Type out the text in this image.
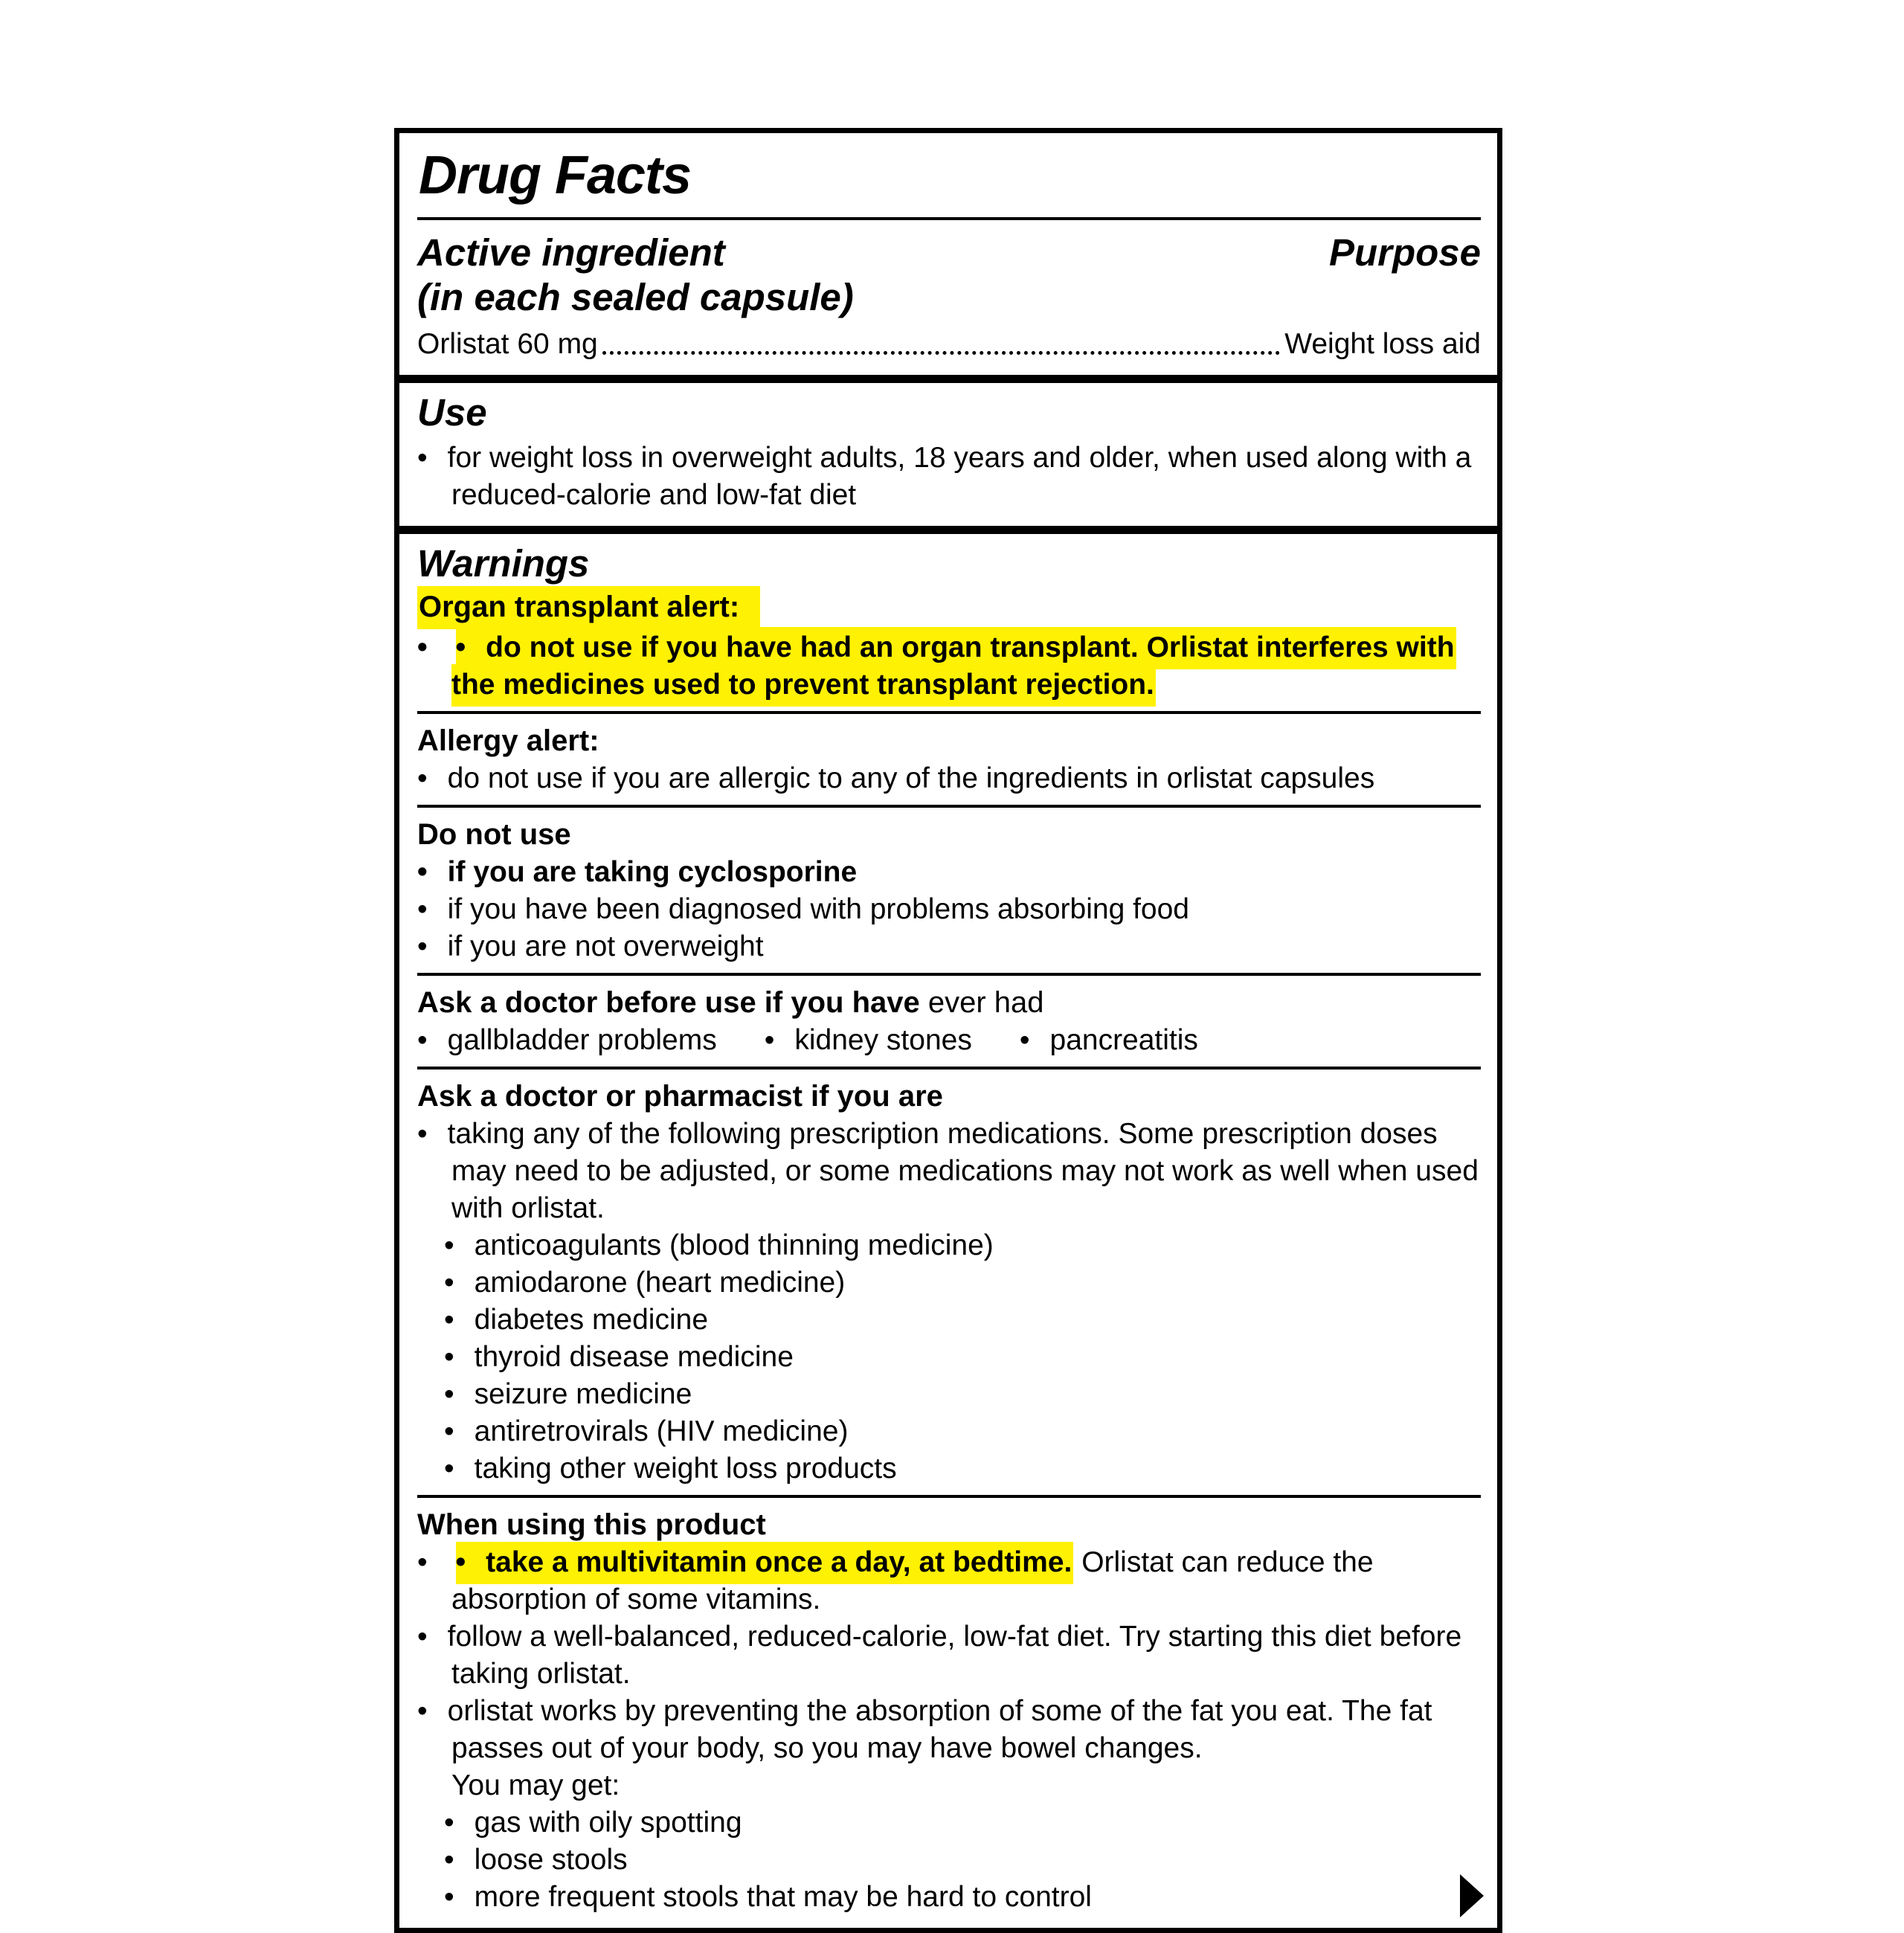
Drug Facts
Active ingredient
(in each sealed capsule)
Purpose
Orlistat 60 mg	Weight loss aid
Use
• for weight loss in overweight adults, 18 years and older, when used along with a reduced-calorie and low-fat diet
Warnings
Organ transplant alert:
• • do not use if you have had an organ transplant. Orlistat interferes with the medicines used to prevent transplant rejection.
Allergy alert:
• do not use if you are allergic to any of the ingredients in orlistat capsules
Do not use
• if you are taking cyclosporine
• if you have been diagnosed with problems absorbing food
• if you are not overweight
Ask a doctor before use if you have ever had
• gallbladder problems	• kidney stones	• pancreatitis
Ask a doctor or pharmacist if you are
• taking any of the following prescription medications. Some prescription doses may need to be adjusted, or some medications may not work as well when used with orlistat.
• anticoagulants (blood thinning medicine)
• amiodarone (heart medicine)
• diabetes medicine
• thyroid disease medicine
• seizure medicine
• antiretrovirals (HIV medicine)
• taking other weight loss products
When using this product
• • take a multivitamin once a day, at bedtime. Orlistat can reduce the absorption of some vitamins.
• follow a well-balanced, reduced-calorie, low-fat diet. Try starting this diet before taking orlistat.
• orlistat works by preventing the absorption of some of the fat you eat. The fat passes out of your body, so you may have bowel changes.
You may get:
• gas with oily spotting
• loose stools
• more frequent stools that may be hard to control
